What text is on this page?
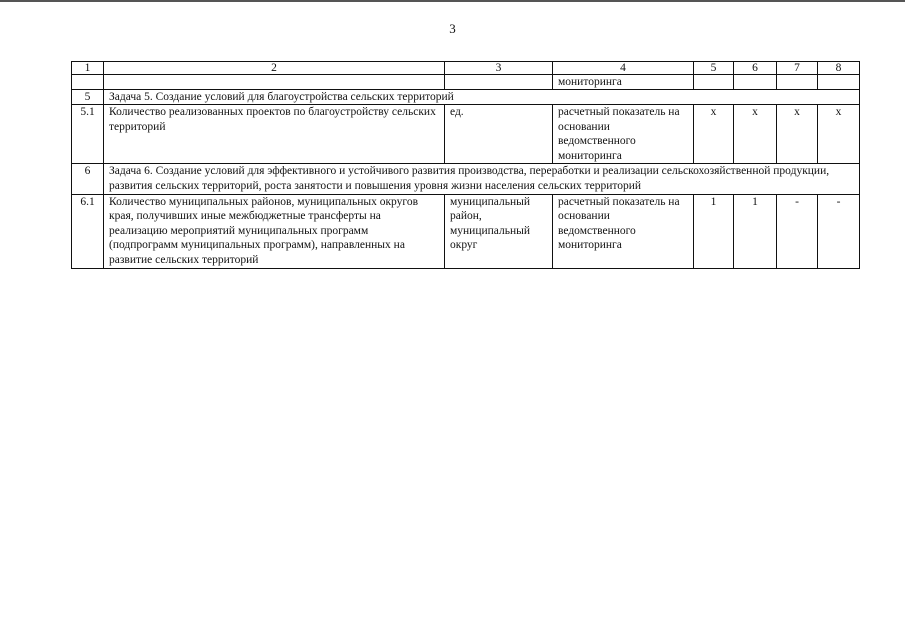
3
1	2	3	4	5	6	7	8
			мониторинга				
5	Задача 5. Создание условий для благоустройства сельских территорий						
5.1	Количество реализованных проектов по благоустройству сельских территорий	ед.	расчетный показатель на основании ведомственного мониторинга	х	х	х	х
6	Задача 6. Создание условий для эффективного и устойчивого развития производства, переработки и реализации сельскохозяйственной продукции, развития сельских территорий, роста занятости и повышения уровня жизни населения сельских территорий						
6.1	Количество муниципальных районов, муниципальных округов края, получивших иные межбюджетные трансферты на реализацию мероприятий муниципальных программ (подпрограмм муниципальных программ), направленных на развитие сельских территорий	муниципальный район, муниципальный округ	расчетный показатель на основании ведомственного мониторинга	1	1	-	-
